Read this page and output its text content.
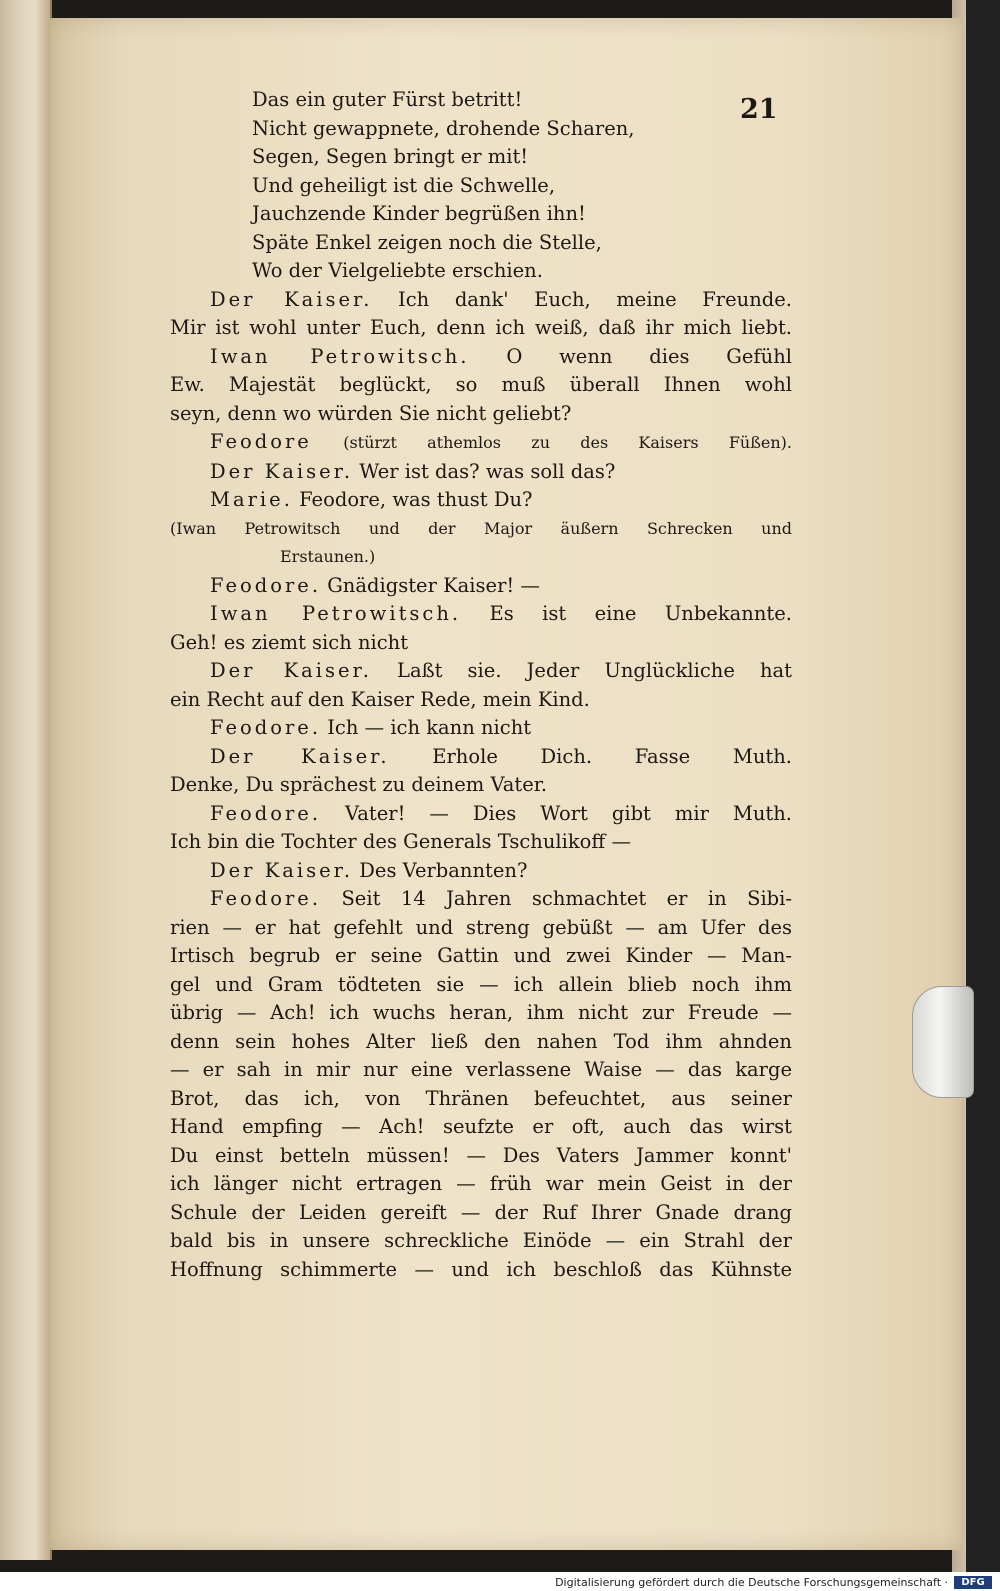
21
Das ein guter Fürst betritt!
Nicht gewappnete, drohende Scharen,
Segen, Segen bringt er mit!
Und geheiligt ist die Schwelle,
Jauchzende Kinder begrüßen ihn!
Späte Enkel zeigen noch die Stelle,
Wo der Vielgeliebte erschien.
Der Kaiser. Ich dank' Euch, meine Freunde.
Mir ist wohl unter Euch, denn ich weiß, daß ihr mich liebt.
Iwan Petrowitsch. O wenn dies Gefühl
Ew. Majestät beglückt, so muß überall Ihnen wohl
seyn, denn wo würden Sie nicht geliebt?
Feodore (stürzt athemlos zu des Kaisers Füßen).
Der Kaiser. Wer ist das? was soll das?
Marie. Feodore, was thust Du?
(Iwan Petrowitsch und der Major äußern Schrecken und
Erstaunen.)
Feodore. Gnädigster Kaiser! —
Iwan Petrowitsch. Es ist eine Unbekannte.
Geh! es ziemt sich nicht
Der Kaiser. Laßt sie. Jeder Unglückliche hat
ein Recht auf den Kaiser Rede, mein Kind.
Feodore. Ich — ich kann nicht
Der Kaiser. Erhole Dich. Fasse Muth.
Denke, Du sprächest zu deinem Vater.
Feodore. Vater! — Dies Wort gibt mir Muth.
Ich bin die Tochter des Generals Tschulikoff —
Der Kaiser. Des Verbannten?
Feodore. Seit 14 Jahren schmachtet er in Sibi-
rien — er hat gefehlt und streng gebüßt — am Ufer des
Irtisch begrub er seine Gattin und zwei Kinder — Man-
gel und Gram tödteten sie — ich allein blieb noch ihm
übrig — Ach! ich wuchs heran, ihm nicht zur Freude —
denn sein hohes Alter ließ den nahen Tod ihm ahnden
— er sah in mir nur eine verlassene Waise — das karge
Brot, das ich, von Thränen befeuchtet, aus seiner
Hand empfing — Ach! seufzte er oft, auch das wirst
Du einst betteln müssen! — Des Vaters Jammer konnt'
ich länger nicht ertragen — früh war mein Geist in der
Schule der Leiden gereift — der Ruf Ihrer Gnade drang
bald bis in unsere schreckliche Einöde — ein Strahl der
Hoffnung schimmerte — und ich beschloß das Kühnste
Digitalisierung gefördert durch die Deutsche Forschungsgemeinschaft ·	DFG
